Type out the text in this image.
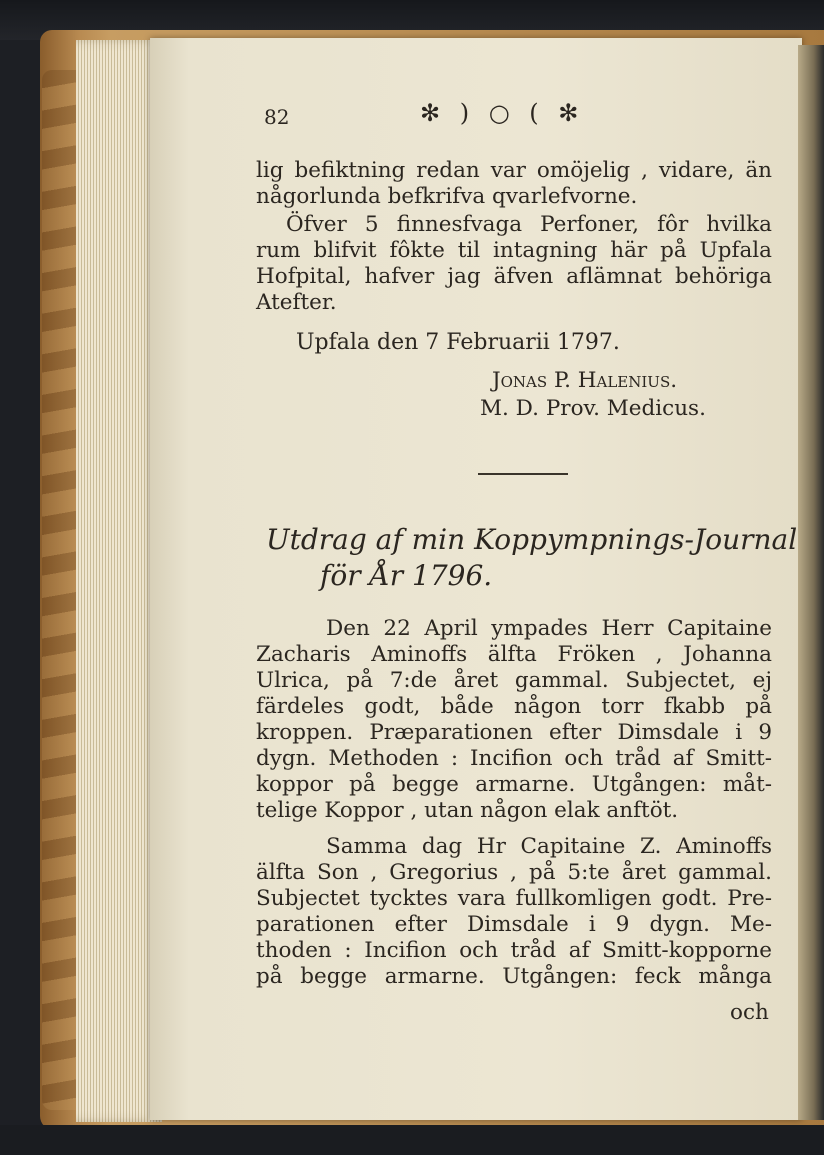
82	✻ ) ○ ( ✻
lig befiktning redan var omöjelig , vidare, än
någorlunda befkrifva qvarlefvorne.
Öfver 5 finnesfvaga Perfoner, fôr hvilka
rum blifvit fôkte til intagning här på Upfala
Hofpital, hafver jag äfven aflämnat behöriga
Atefter.
Upfala den 7 Februarii 1797.
Jonas P. Halenius.
M. D. Prov. Medicus.
Utdrag af min Koppympnings-Journal
för År 1796.
Den 22 April ympades Herr Capitaine
Zacharis Aminoffs älfta Fröken , Johanna
Ulrica, på 7:de året gammal. Subjectet, ej
färdeles godt, både någon torr fkabb på
kroppen. Præparationen efter Dimsdale i 9
dygn. Methoden : Incifion och tråd af Smitt-
koppor på begge armarne. Utgången: måt-
telige Koppor , utan någon elak anftöt.
Samma dag Hr Capitaine Z. Aminoffs
älfta Son , Gregorius , på 5:te året gammal.
Subjectet tycktes vara fullkomligen godt. Pre-
parationen efter Dimsdale i 9 dygn. Me-
thoden : Incifion och tråd af Smitt-kopporne
på begge armarne. Utgången: feck många
och
